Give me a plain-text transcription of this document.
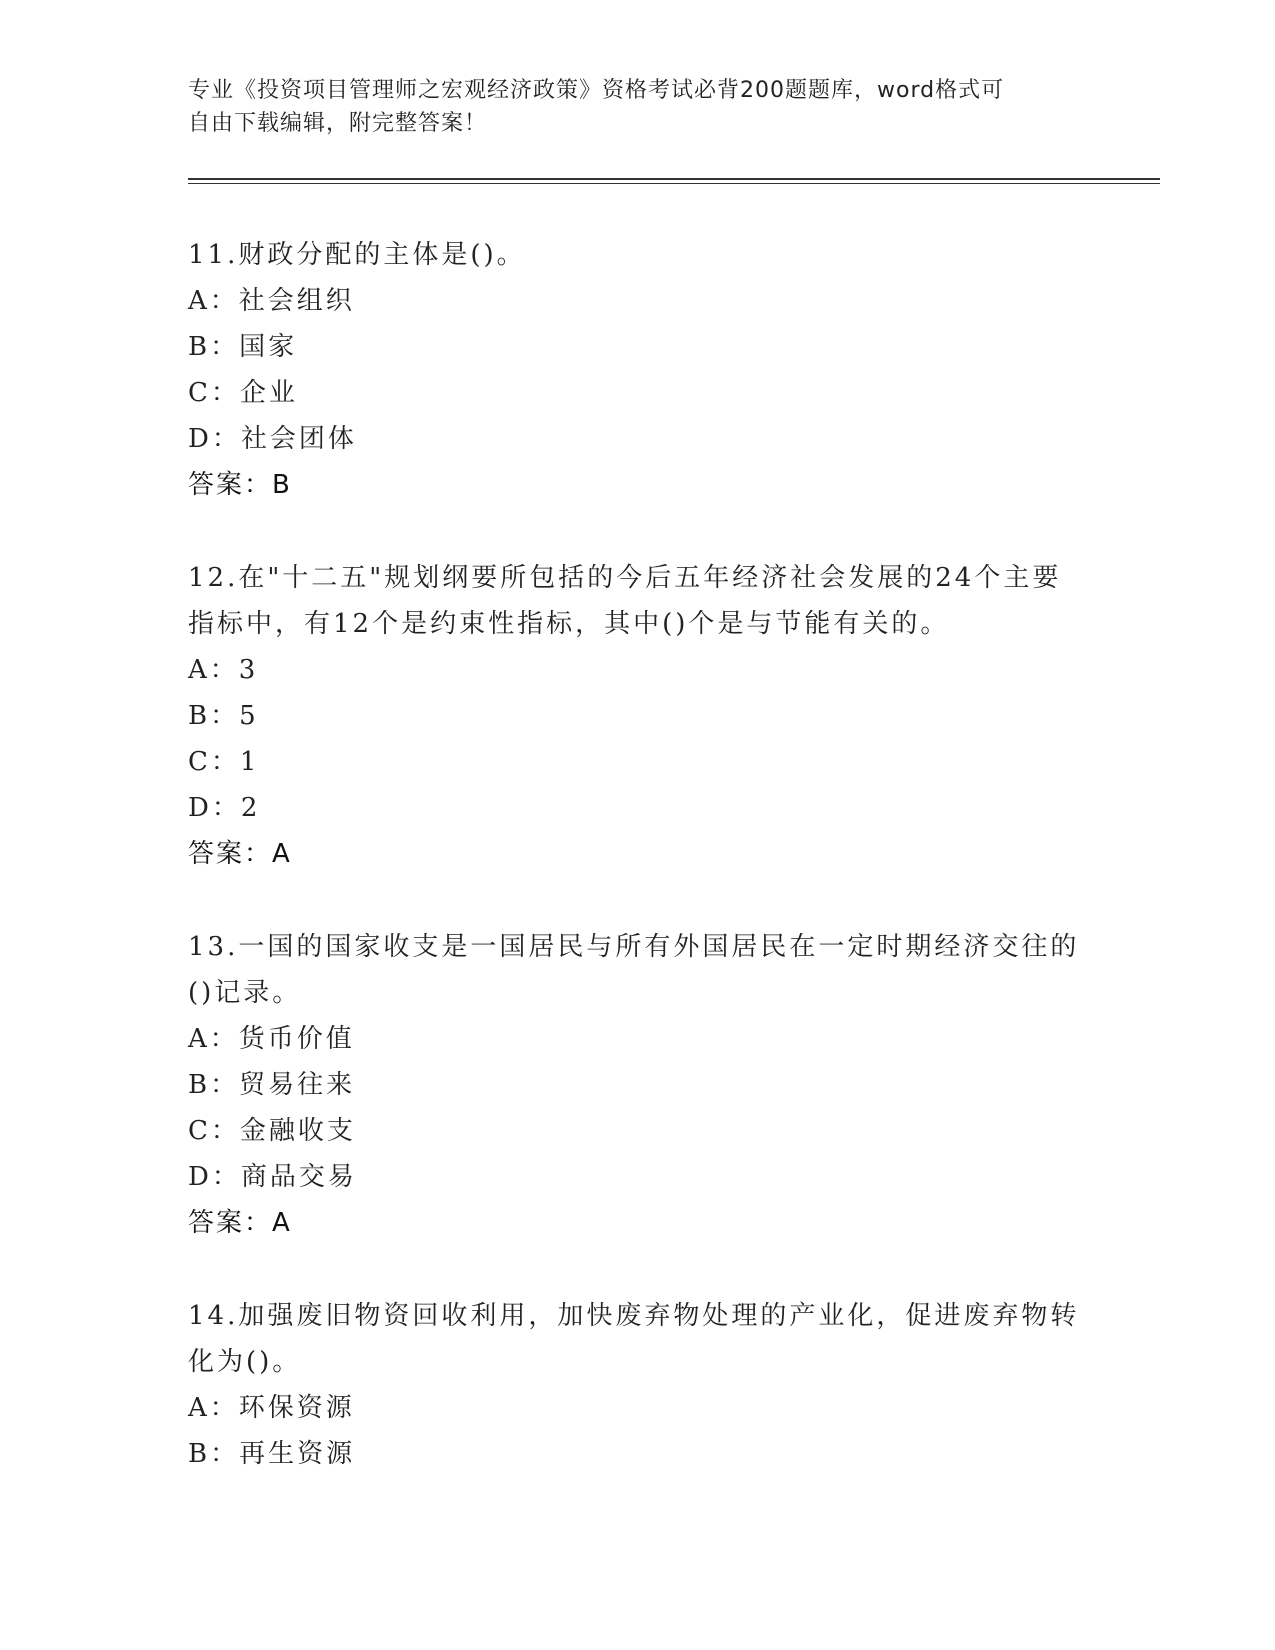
专业《投资项目管理师之宏观经济政策》资格考试必背200题题库，word格式可
自由下载编辑，附完整答案！
11.财政分配的主体是()。
A：社会组织
B：国家
C：企业
D：社会团体
答案：B
12.在"十二五"规划纲要所包括的今后五年经济社会发展的24个主要
指标中，有12个是约束性指标，其中()个是与节能有关的。
A：3
B：5
C：1
D：2
答案：A
13.一国的国家收支是一国居民与所有外国居民在一定时期经济交往的
()记录。
A：货币价值
B：贸易往来
C：金融收支
D：商品交易
答案：A
14.加强废旧物资回收利用，加快废弃物处理的产业化，促进废弃物转
化为()。
A：环保资源
B：再生资源
